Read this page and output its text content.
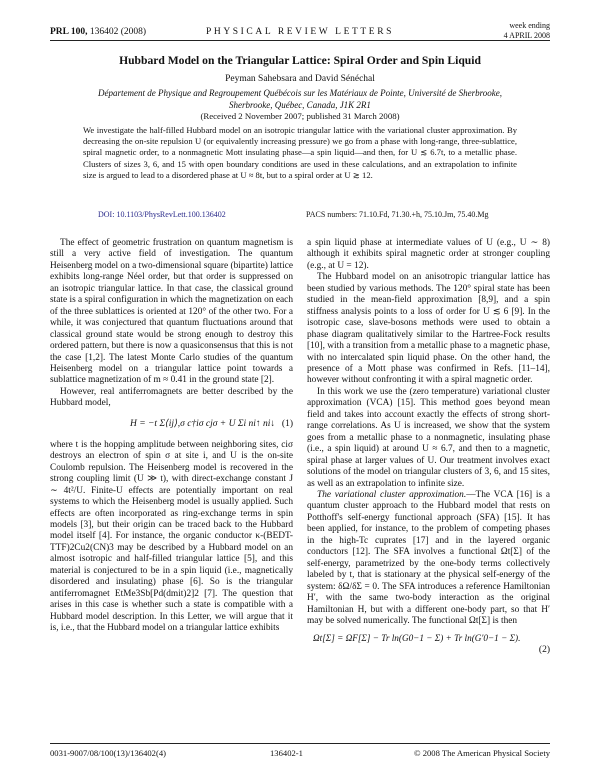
PRL 100, 136402 (2008)	PHYSICAL REVIEW LETTERS
week ending
4 APRIL 2008
Hubbard Model on the Triangular Lattice: Spiral Order and Spin Liquid
Peyman Sahebsara and David Sénéchal
Département de Physique and Regroupement Québécois sur les Matériaux de Pointe, Université de Sherbrooke,
Sherbrooke, Québec, Canada, J1K 2R1
(Received 2 November 2007; published 31 March 2008)
We investigate the half-filled Hubbard model on an isotropic triangular lattice with the variational cluster approximation. By decreasing the on-site repulsion U (or equivalently increasing pressure) we go from a phase with long-range, three-sublattice, spiral magnetic order, to a nonmagnetic Mott insulating phase—a spin liquid—and then, for U ≲ 6.7t, to a metallic phase. Clusters of sizes 3, 6, and 15 with open boundary conditions are used in these calculations, and an extrapolation to infinite size is argued to lead to a disordered phase at U ≈ 8t, but to a spiral order at U ≳ 12.
DOI: 10.1103/PhysRevLett.100.136402	PACS numbers: 71.10.Fd, 71.30.+h, 75.10.Jm, 75.40.Mg

The effect of geometric frustration on quantum magnetism is still a very active field of investigation. The quantum Heisenberg model on a two-dimensional square (bipartite) lattice exhibits long-range Néel order, but that order is suppressed on an isotropic triangular lattice. In that case, the classical ground state is a spiral configuration in which the magnetization on each of the three sublattices is oriented at 120° of the other two. For a while, it was conjectured that quantum fluctuations around that classical ground state would be strong enough to destroy this ordered pattern, but there is now a quasiconsensus that this is not the case [1,2]. The latest Monte Carlo studies of the quantum Heisenberg model on a triangular lattice point towards a sublattice magnetization of m ≈ 0.41 in the ground state [2].

However, real antiferromagnets are better described by the Hubbard model,

H = −t Σ⟨ij⟩,σ c†iσ cjσ + U Σi ni↑ ni↓ (1)

where t is the hopping amplitude between neighboring sites, ciσ destroys an electron of spin σ at site i, and U is the on-site Coulomb repulsion. The Heisenberg model is recovered in the strong coupling limit (U ≫ t), with direct-exchange constant J ∼ 4t²/U. Finite-U effects are potentially important on real systems to which the Heisenberg model is usually applied. Such effects are often incorporated as ring-exchange terms in spin models [3], but their origin can be traced back to the Hubbard model itself [4]. For instance, the organic conductor κ-(BEDT-TTF)2Cu2(CN)3 may be described by a Hubbard model on an almost isotropic and half-filled triangular lattice [5], and this material is conjectured to be in a spin liquid (i.e., magnetically disordered and insulating) phase [6]. So is the triangular antiferromagnet EtMe3Sb[Pd(dmit)2]2 [7]. The question that arises in this case is whether such a state is compatible with a Hubbard model description. In this Letter, we will argue that it is, i.e., that the Hubbard model on a triangular lattice exhibits

a spin liquid phase at intermediate values of U (e.g., U ∼ 8) although it exhibits spiral magnetic order at stronger coupling (e.g., at U = 12).

The Hubbard model on an anisotropic triangular lattice has been studied by various methods. The 120° spiral state has been studied in the mean-field approximation [8,9], and a spin stiffness analysis points to a loss of order for U ≲ 6 [9]. In the isotropic case, slave-bosons methods were used to obtain a phase diagram qualitatively similar to the Hartree-Fock results [10], with a transition from a metallic phase to a magnetic phase, with no intercalated spin liquid phase. On the other hand, the presence of a Mott phase was confirmed in Refs. [11–14], however without confronting it with a spiral magnetic order.

In this work we use the (zero temperature) variational cluster approximation (VCA) [15]. This method goes beyond mean field and takes into account exactly the effects of strong short-range correlations. As U is increased, we show that the system goes from a metallic phase to a nonmagnetic, insulating phase (i.e., a spin liquid) at around U ≈ 6.7, and then to a magnetic, spiral phase at larger values of U. Our treatment involves exact solutions of the model on triangular clusters of 3, 6, and 15 sites, as well as an extrapolation to infinite size.

The variational cluster approximation.—The VCA [16] is a quantum cluster approach to the Hubbard model that rests on Potthoff's self-energy functional approach (SFA) [15]. It has been applied, for instance, to the problem of competing phases in the high-Tc cuprates [17] and in the layered organic conductors [12]. The SFA involves a functional Ωt[Σ] of the self-energy, parametrized by the one-body terms collectively labeled by t, that is stationary at the physical self-energy of the system: δΩ/δΣ = 0. The SFA introduces a reference Hamiltonian H′, with the same two-body interaction as the original Hamiltonian H, but with a different one-body part, so that H′ may be solved numerically. The functional Ωt[Σ] is then

Ωt[Σ] = ΩF[Σ] − Tr ln(G0−1 − Σ) + Tr ln(G′0−1 − Σ).
(2)
0031-9007/08/100(13)/136402(4)	136402-1	© 2008 The American Physical Society
